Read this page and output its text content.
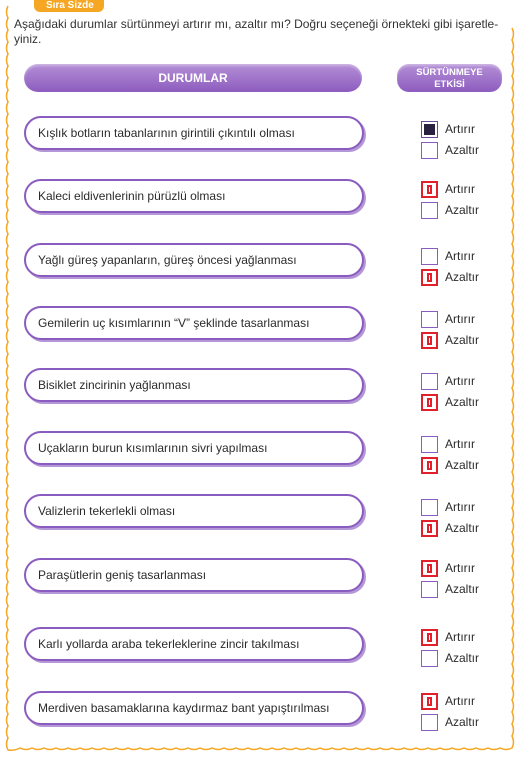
Sıra Sizde
Aşağıdaki durumlar sürtünmeyi artırır mı, azaltır mı? Doğru seçeneği örnekteki gibi işaretle-yiniz.
DURUMLAR	SÜRTÜNMEYE
ETKİSİ
Kışlık botların tabanlarının girintili çıkıntılı olması	Artırır
Azaltır
Kaleci eldivenlerinin pürüzlü olması	Artırır
Azaltır
Yağlı güreş yapanların, güreş öncesi yağlanması	Artırır
Azaltır
Gemilerin uç kısımlarının “V” şeklinde tasarlanması	Artırır
Azaltır
Bisiklet zincirinin yağlanması	Artırır
Azaltır
Uçakların burun kısımlarının sivri yapılması	Artırır
Azaltır
Valizlerin tekerlekli olması	Artırır
Azaltır
Paraşütlerin geniş tasarlanması	Artırır
Azaltır
Karlı yollarda araba tekerleklerine zincir takılması	Artırır
Azaltır
Merdiven basamaklarına kaydırmaz bant yapıştırılması	Artırır
Azaltır
